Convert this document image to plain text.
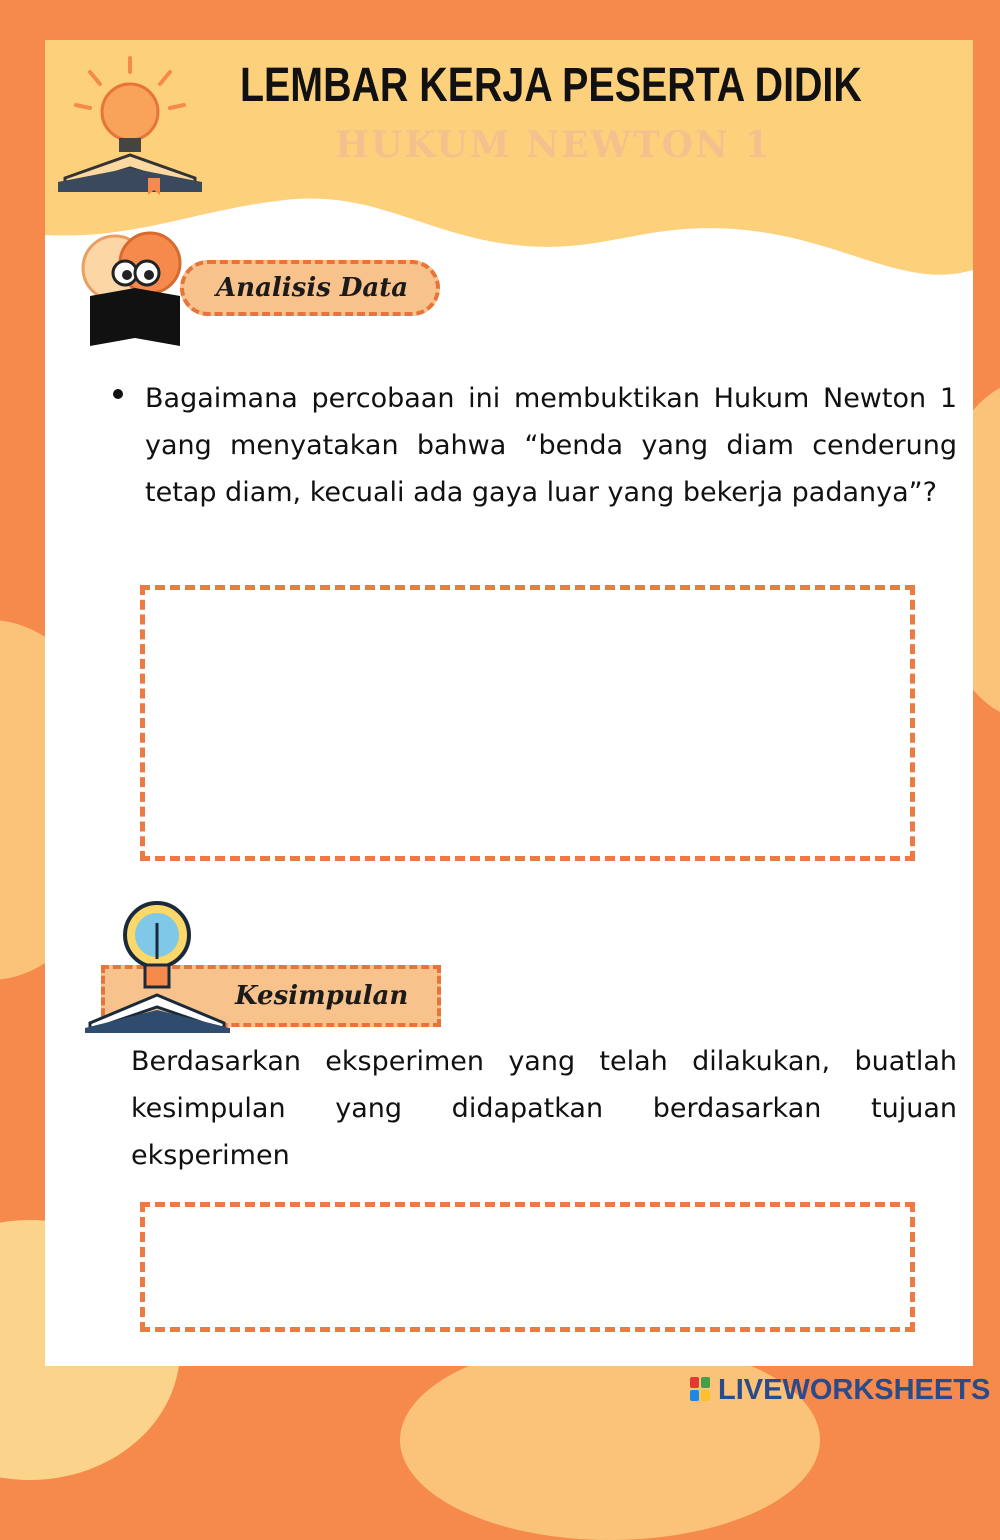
LEMBAR KERJA PESERTA DIDIK
HUKUM NEWTON 1
Analisis Data
Bagaimana percobaan ini membuktikan Hukum Newton 1 yang menyatakan bahwa “benda yang diam cenderung tetap diam, kecuali ada gaya luar yang bekerja padanya”?
Kesimpulan
Berdasarkan eksperimen yang telah dilakukan, buatlah kesimpulan yang didapatkan berdasarkan tujuan eksperimen
LIVEWORKSHEETS
